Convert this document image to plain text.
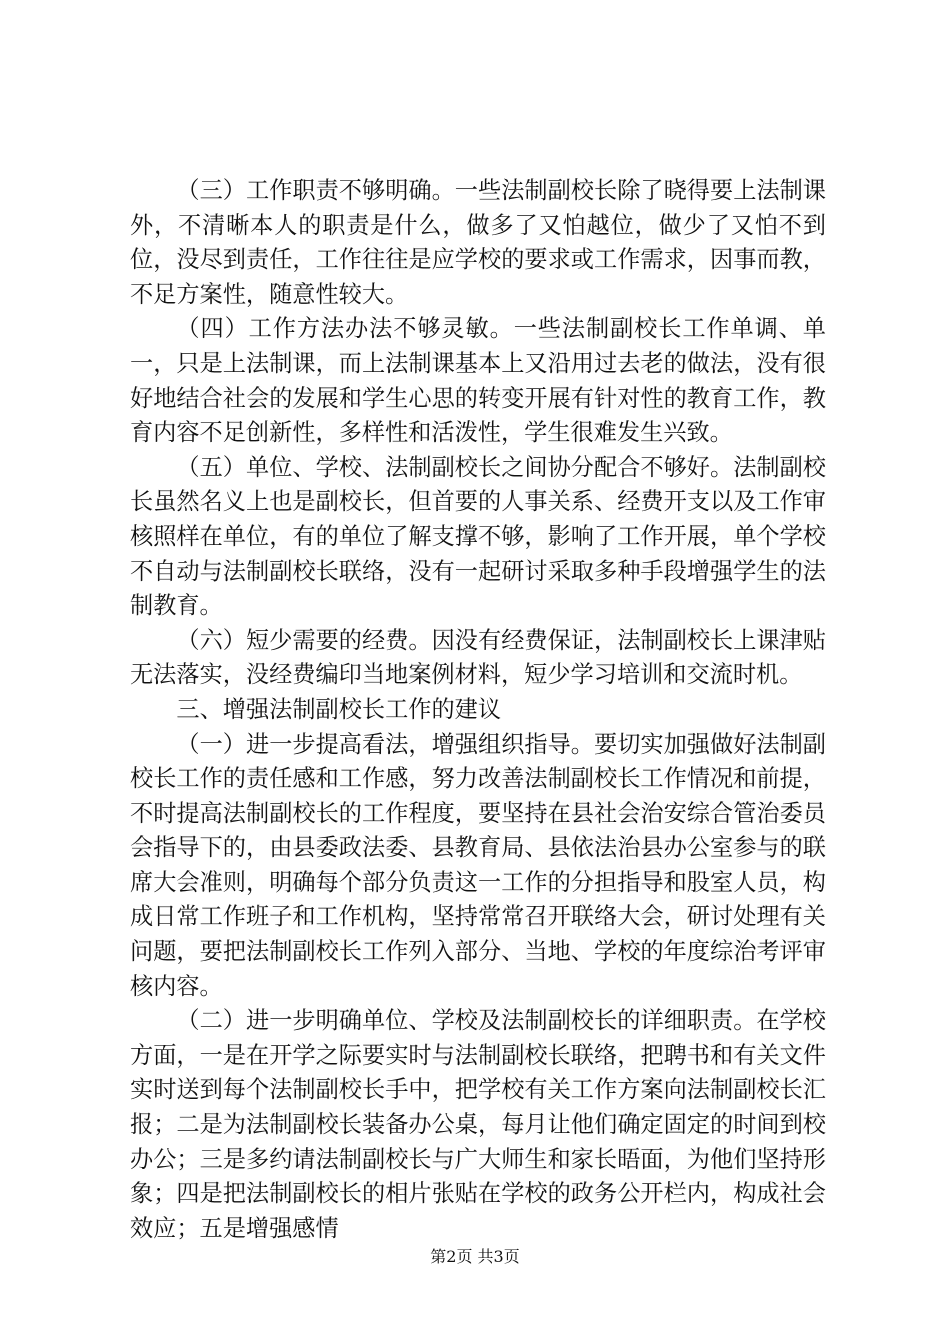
（三）工作职责不够明确。一些法制副校长除了晓得要上法制课外，不清晰本人的职责是什么，做多了又怕越位，做少了又怕不到位，没尽到责任，工作往往是应学校的要求或工作需求，因事而教，不足方案性，随意性较大。

（四）工作方法办法不够灵敏。一些法制副校长工作单调、单一，只是上法制课，而上法制课基本上又沿用过去老的做法，没有很好地结合社会的发展和学生心思的转变开展有针对性的教育工作，教育内容不足创新性，多样性和活泼性，学生很难发生兴致。

（五）单位、学校、法制副校长之间协分配合不够好。法制副校长虽然名义上也是副校长，但首要的人事关系、经费开支以及工作审核照样在单位，有的单位了解支撑不够，影响了工作开展，单个学校不自动与法制副校长联络，没有一起研讨采取多种手段增强学生的法制教育。

（六）短少需要的经费。因没有经费保证，法制副校长上课津贴无法落实，没经费编印当地案例材料，短少学习培训和交流时机。

三、增强法制副校长工作的建议

（一）进一步提高看法，增强组织指导。要切实加强做好法制副校长工作的责任感和工作感，努力改善法制副校长工作情况和前提，不时提高法制副校长的工作程度，要坚持在县社会治安综合管治委员会指导下的，由县委政法委、县教育局、县依法治县办公室参与的联席大会准则，明确每个部分负责这一工作的分担指导和股室人员，构成日常工作班子和工作机构，坚持常常召开联络大会，研讨处理有关问题，要把法制副校长工作列入部分、当地、学校的年度综治考评审核内容。

（二）进一步明确单位、学校及法制副校长的详细职责。在学校方面，一是在开学之际要实时与法制副校长联络，把聘书和有关文件实时送到每个法制副校长手中，把学校有关工作方案向法制副校长汇报；二是为法制副校长装备办公桌，每月让他们确定固定的时间到校办公；三是多约请法制副校长与广大师生和家长晤面，为他们坚持形象；四是把法制副校长的相片张贴在学校的政务公开栏内，构成社会效应；五是增强感情

第2页 共3页
